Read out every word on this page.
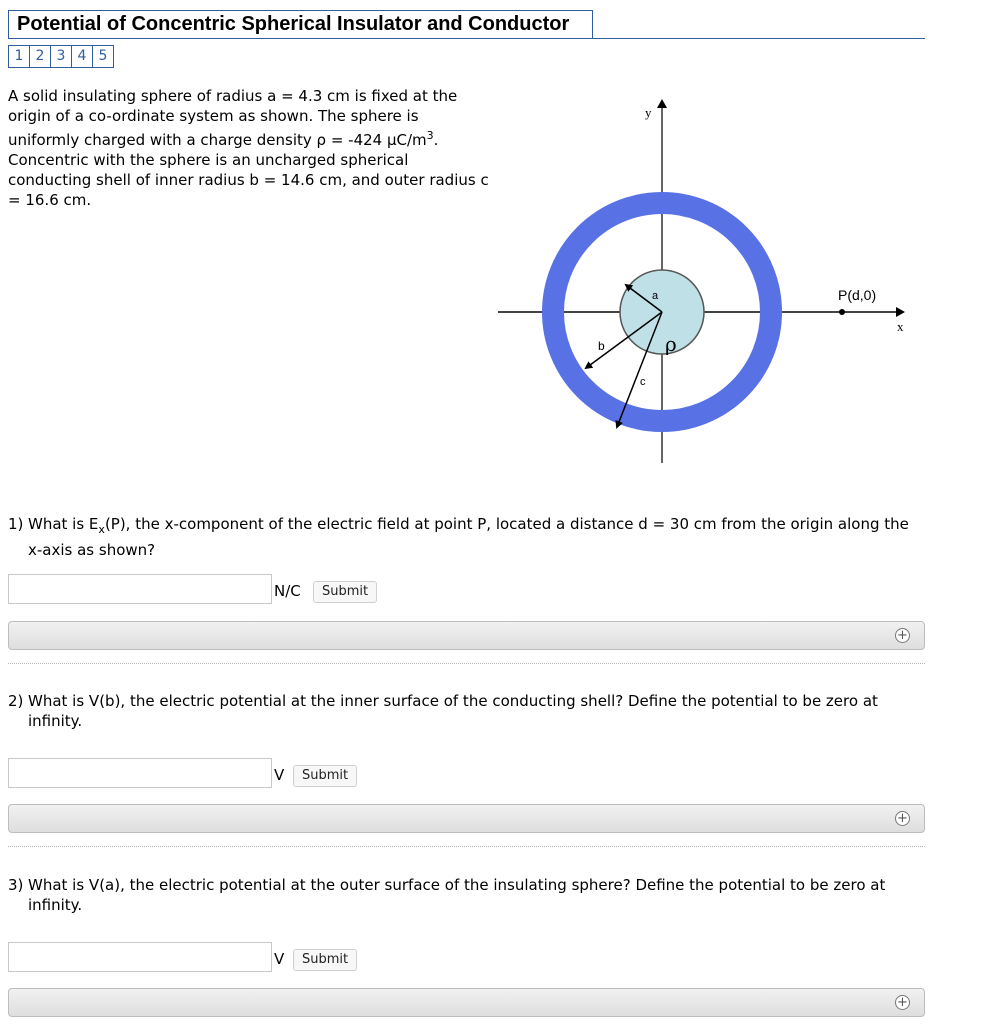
Potential of Concentric Spherical Insulator and Conductor
1 2 3 4 5
A solid insulating sphere of radius a = 4.3 cm is fixed at the
origin of a co-ordinate system as shown. The sphere is
uniformly charged with a charge density ρ = -424 $\mu C/m^3$.
Concentric with the sphere is an uncharged spherical
conducting shell of inner radius b = 14.6 cm, and outer radius c
= 16.6 cm.
y
x
P(d,0)
a
b
c
ρ
1) What is $E_x(P)$, the x-component of the electric field at point P, located a distance d = 30 cm from the origin along the
x-axis as shown?
N/C	Submit
+
2) What is V(b), the electric potential at the inner surface of the conducting shell? Define the potential to be zero at
infinity.
V	Submit
+
3) What is V(a), the electric potential at the outer surface of the insulating sphere? Define the potential to be zero at
infinity.
V	Submit
+
